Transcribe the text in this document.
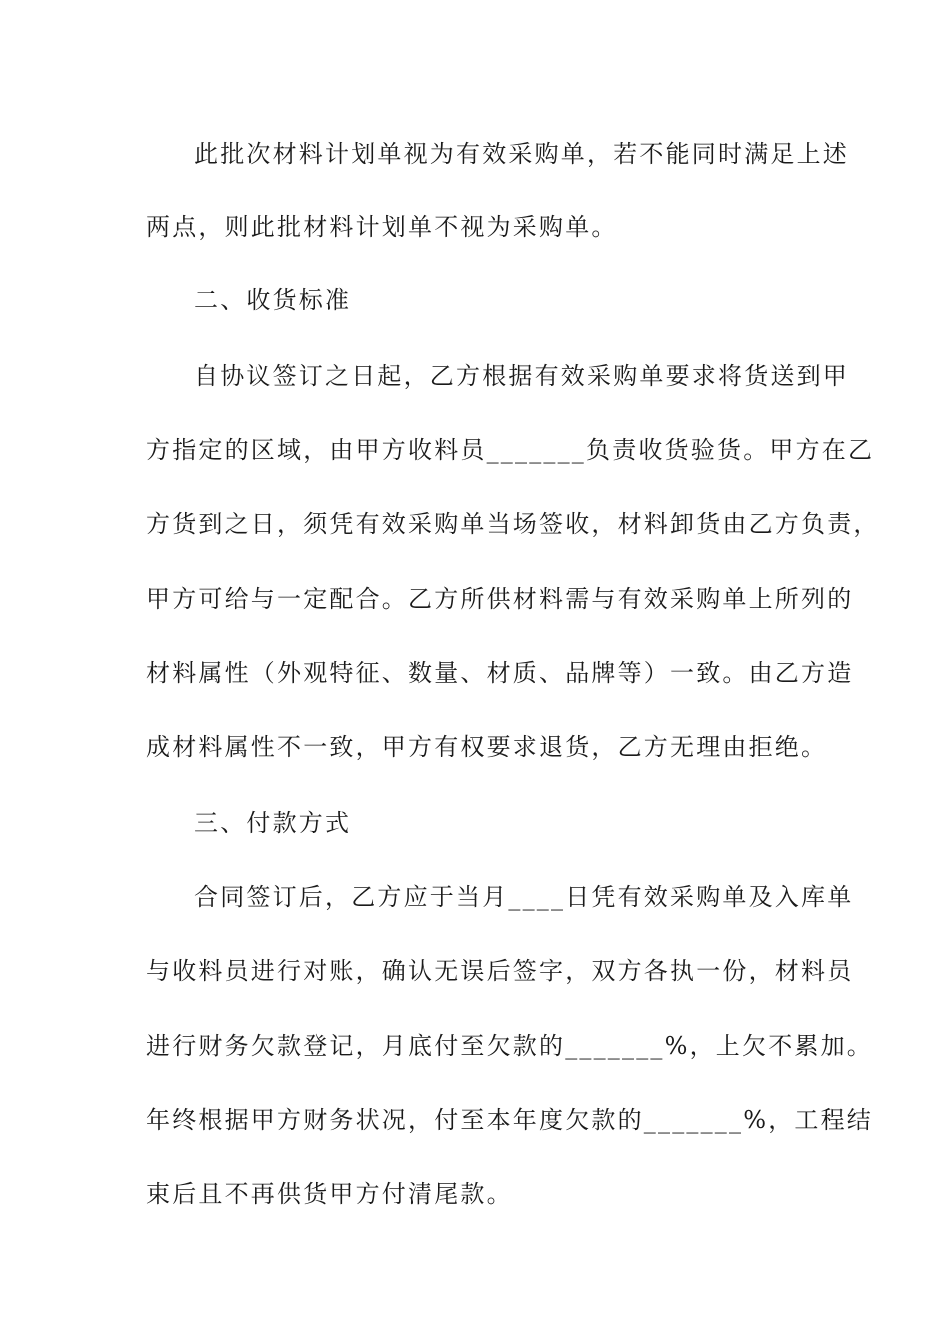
此批次材料计划单视为有效采购单，若不能同时满足上述
两点，则此批材料计划单不视为采购单。
二、收货标准
自协议签订之日起，乙方根据有效采购单要求将货送到甲
方指定的区域，由甲方收料员_______负责收货验货。甲方在乙
方货到之日，须凭有效采购单当场签收，材料卸货由乙方负责，
甲方可给与一定配合。乙方所供材料需与有效采购单上所列的
材料属性（外观特征、数量、材质、品牌等）一致。由乙方造
成材料属性不一致，甲方有权要求退货，乙方无理由拒绝。
三、付款方式
合同签订后，乙方应于当月____日凭有效采购单及入库单
与收料员进行对账，确认无误后签字，双方各执一份，材料员
进行财务欠款登记，月底付至欠款的_______%，上欠不累加。
年终根据甲方财务状况，付至本年度欠款的_______%，工程结
束后且不再供货甲方付清尾款。
